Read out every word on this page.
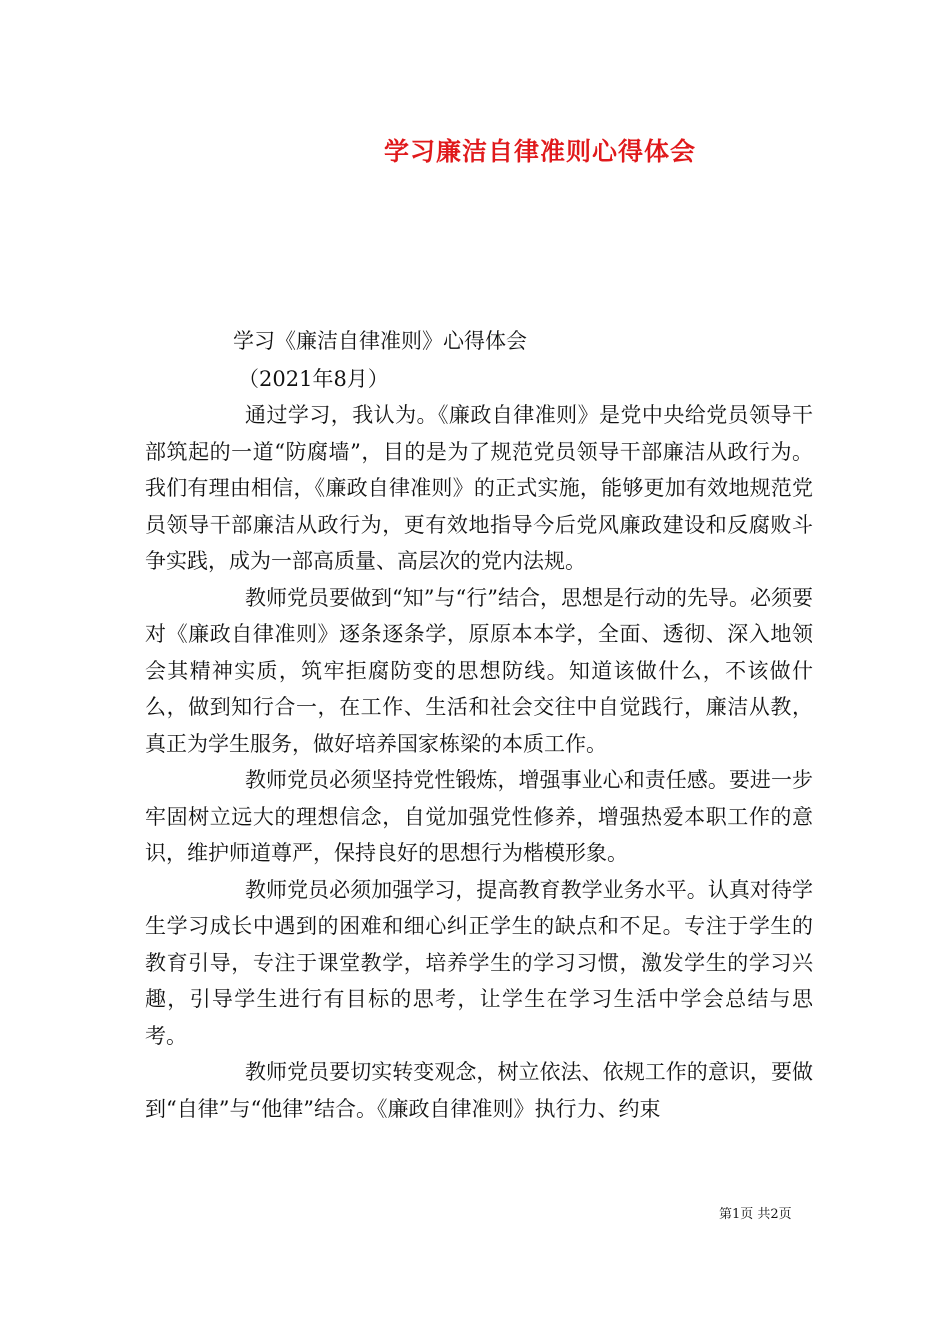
学习廉洁自律准则心得体会
学习《廉洁自律准则》心得体会
（2021年8月）

通过学习，我认为。《廉政自律准则》是党中央给党员领导干部筑起的一道“防腐墙”，目的是为了规范党员领导干部廉洁从政行为。我们有理由相信，《廉政自律准则》的正式实施，能够更加有效地规范党员领导干部廉洁从政行为，更有效地指导今后党风廉政建设和反腐败斗争实践，成为一部高质量、高层次的党内法规。

教师党员要做到“知”与“行”结合，思想是行动的先导。必须要对《廉政自律准则》逐条逐条学，原原本本学，全面、透彻、深入地领会其精神实质，筑牢拒腐防变的思想防线。知道该做什么，不该做什么，做到知行合一，在工作、生活和社会交往中自觉践行，廉洁从教，真正为学生服务，做好培养国家栋梁的本质工作。

教师党员必须坚持党性锻炼，增强事业心和责任感。要进一步牢固树立远大的理想信念，自觉加强党性修养，增强热爱本职工作的意识，维护师道尊严，保持良好的思想行为楷模形象。

教师党员必须加强学习，提高教育教学业务水平。认真对待学生学习成长中遇到的困难和细心纠正学生的缺点和不足。专注于学生的教育引导，专注于课堂教学，培养学生的学习习惯，激发学生的学习兴趣，引导学生进行有目标的思考，让学生在学习生活中学会总结与思考。

教师党员要切实转变观念，树立依法、依规工作的意识，要做到“自律”与“他律”结合。《廉政自律准则》执行力、约束

第1页 共2页
